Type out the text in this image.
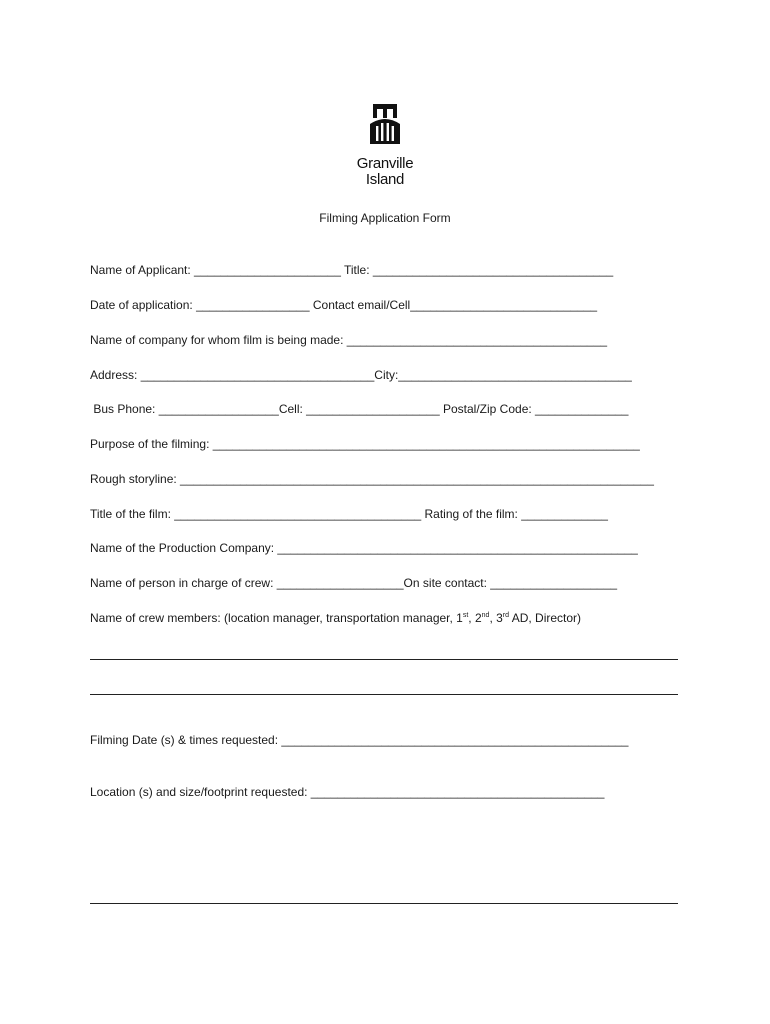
Granville
Island
Filming Application Form
Name of Applicant: ______________________ Title: ____________________________________
Date of application: _________________ Contact email/Cell____________________________
Name of company for whom film is being made: _______________________________________
Address: ___________________________________City:___________________________________
Bus Phone: __________________Cell: ____________________ Postal/Zip Code: ______________
Purpose of the filming: ________________________________________________________________
Rough storyline: _______________________________________________________________________
Title of the film: _____________________________________ Rating of the film: _____________
Name of the Production Company: ______________________________________________________
Name of person in charge of crew: ___________________On site contact: ___________________
Name of crew members: (location manager, transportation manager, 1st, 2nd, 3rd AD, Director)
Filming Date (s) & times requested: ____________________________________________________
Location (s) and size/footprint requested: ____________________________________________
